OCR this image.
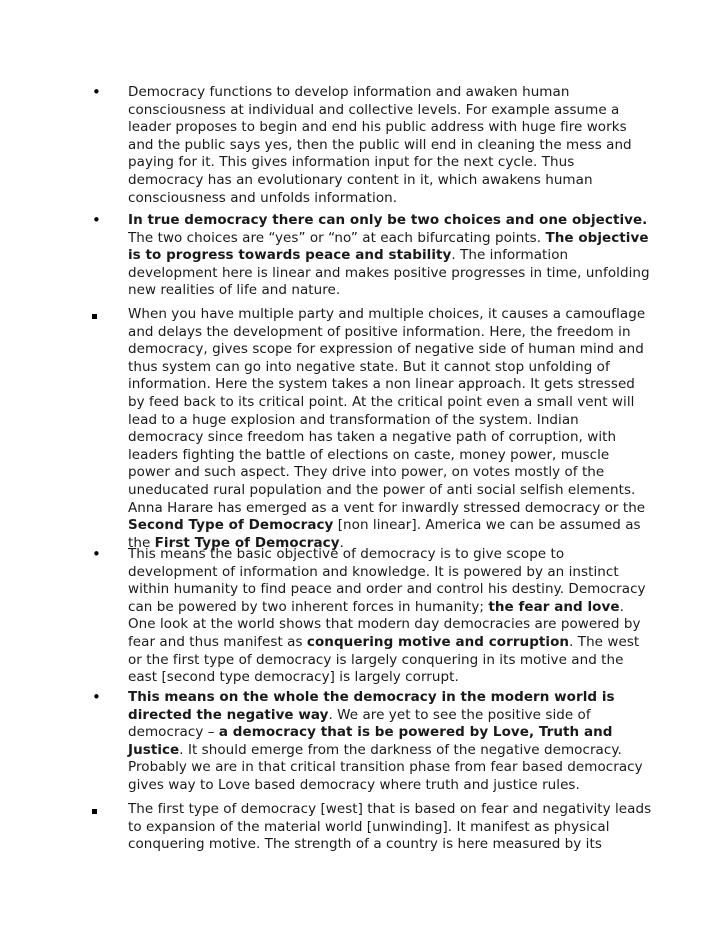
•
Democracy functions to develop information and awaken human consciousness at individual and collective levels. For example assume a leader proposes to begin and end his public address with huge fire works and the public says yes, then the public will end in cleaning the mess and paying for it. This gives information input for the next cycle. Thus democracy has an evolutionary content in it, which awakens human consciousness and unfolds information.
•
In true democracy there can only be two choices and one objective. The two choices are “yes” or “no” at each bifurcating points. The objective is to progress towards peace and stability. The information development here is linear and makes positive progresses in time, unfolding new realities of life and nature.
When you have multiple party and multiple choices, it causes a camouflage and delays the development of positive information. Here, the freedom in democracy, gives scope for expression of negative side of human mind and thus system can go into negative state. But it cannot stop unfolding of information. Here the system takes a non linear approach. It gets stressed by feed back to its critical point. At the critical point even a small vent will lead to a huge explosion and transformation of the system. Indian democracy since freedom has taken a negative path of corruption, with leaders fighting the battle of elections on caste, money power, muscle power and such aspect. They drive into power, on votes mostly of the uneducated rural population and the power of anti social selfish elements. Anna Harare has emerged as a vent for inwardly stressed democracy or the Second Type of Democracy [non linear]. America we can be assumed as the First Type of Democracy.
•
This means the basic objective of democracy is to give scope to development of information and knowledge. It is powered by an instinct within humanity to find peace and order and control his destiny. Democracy can be powered by two inherent forces in humanity; the fear and love. One look at the world shows that modern day democracies are powered by fear and thus manifest as conquering motive and corruption. The west or the first type of democracy is largely conquering in its motive and the east [second type democracy] is largely corrupt.
•
This means on the whole the democracy in the modern world is directed the negative way. We are yet to see the positive side of democracy – a democracy that is be powered by Love, Truth and Justice. It should emerge from the darkness of the negative democracy. Probably we are in that critical transition phase from fear based democracy gives way to Love based democracy where truth and justice rules.
The first type of democracy [west] that is based on fear and negativity leads to expansion of the material world [unwinding]. It manifest as physical conquering motive. The strength of a country is here measured by its
